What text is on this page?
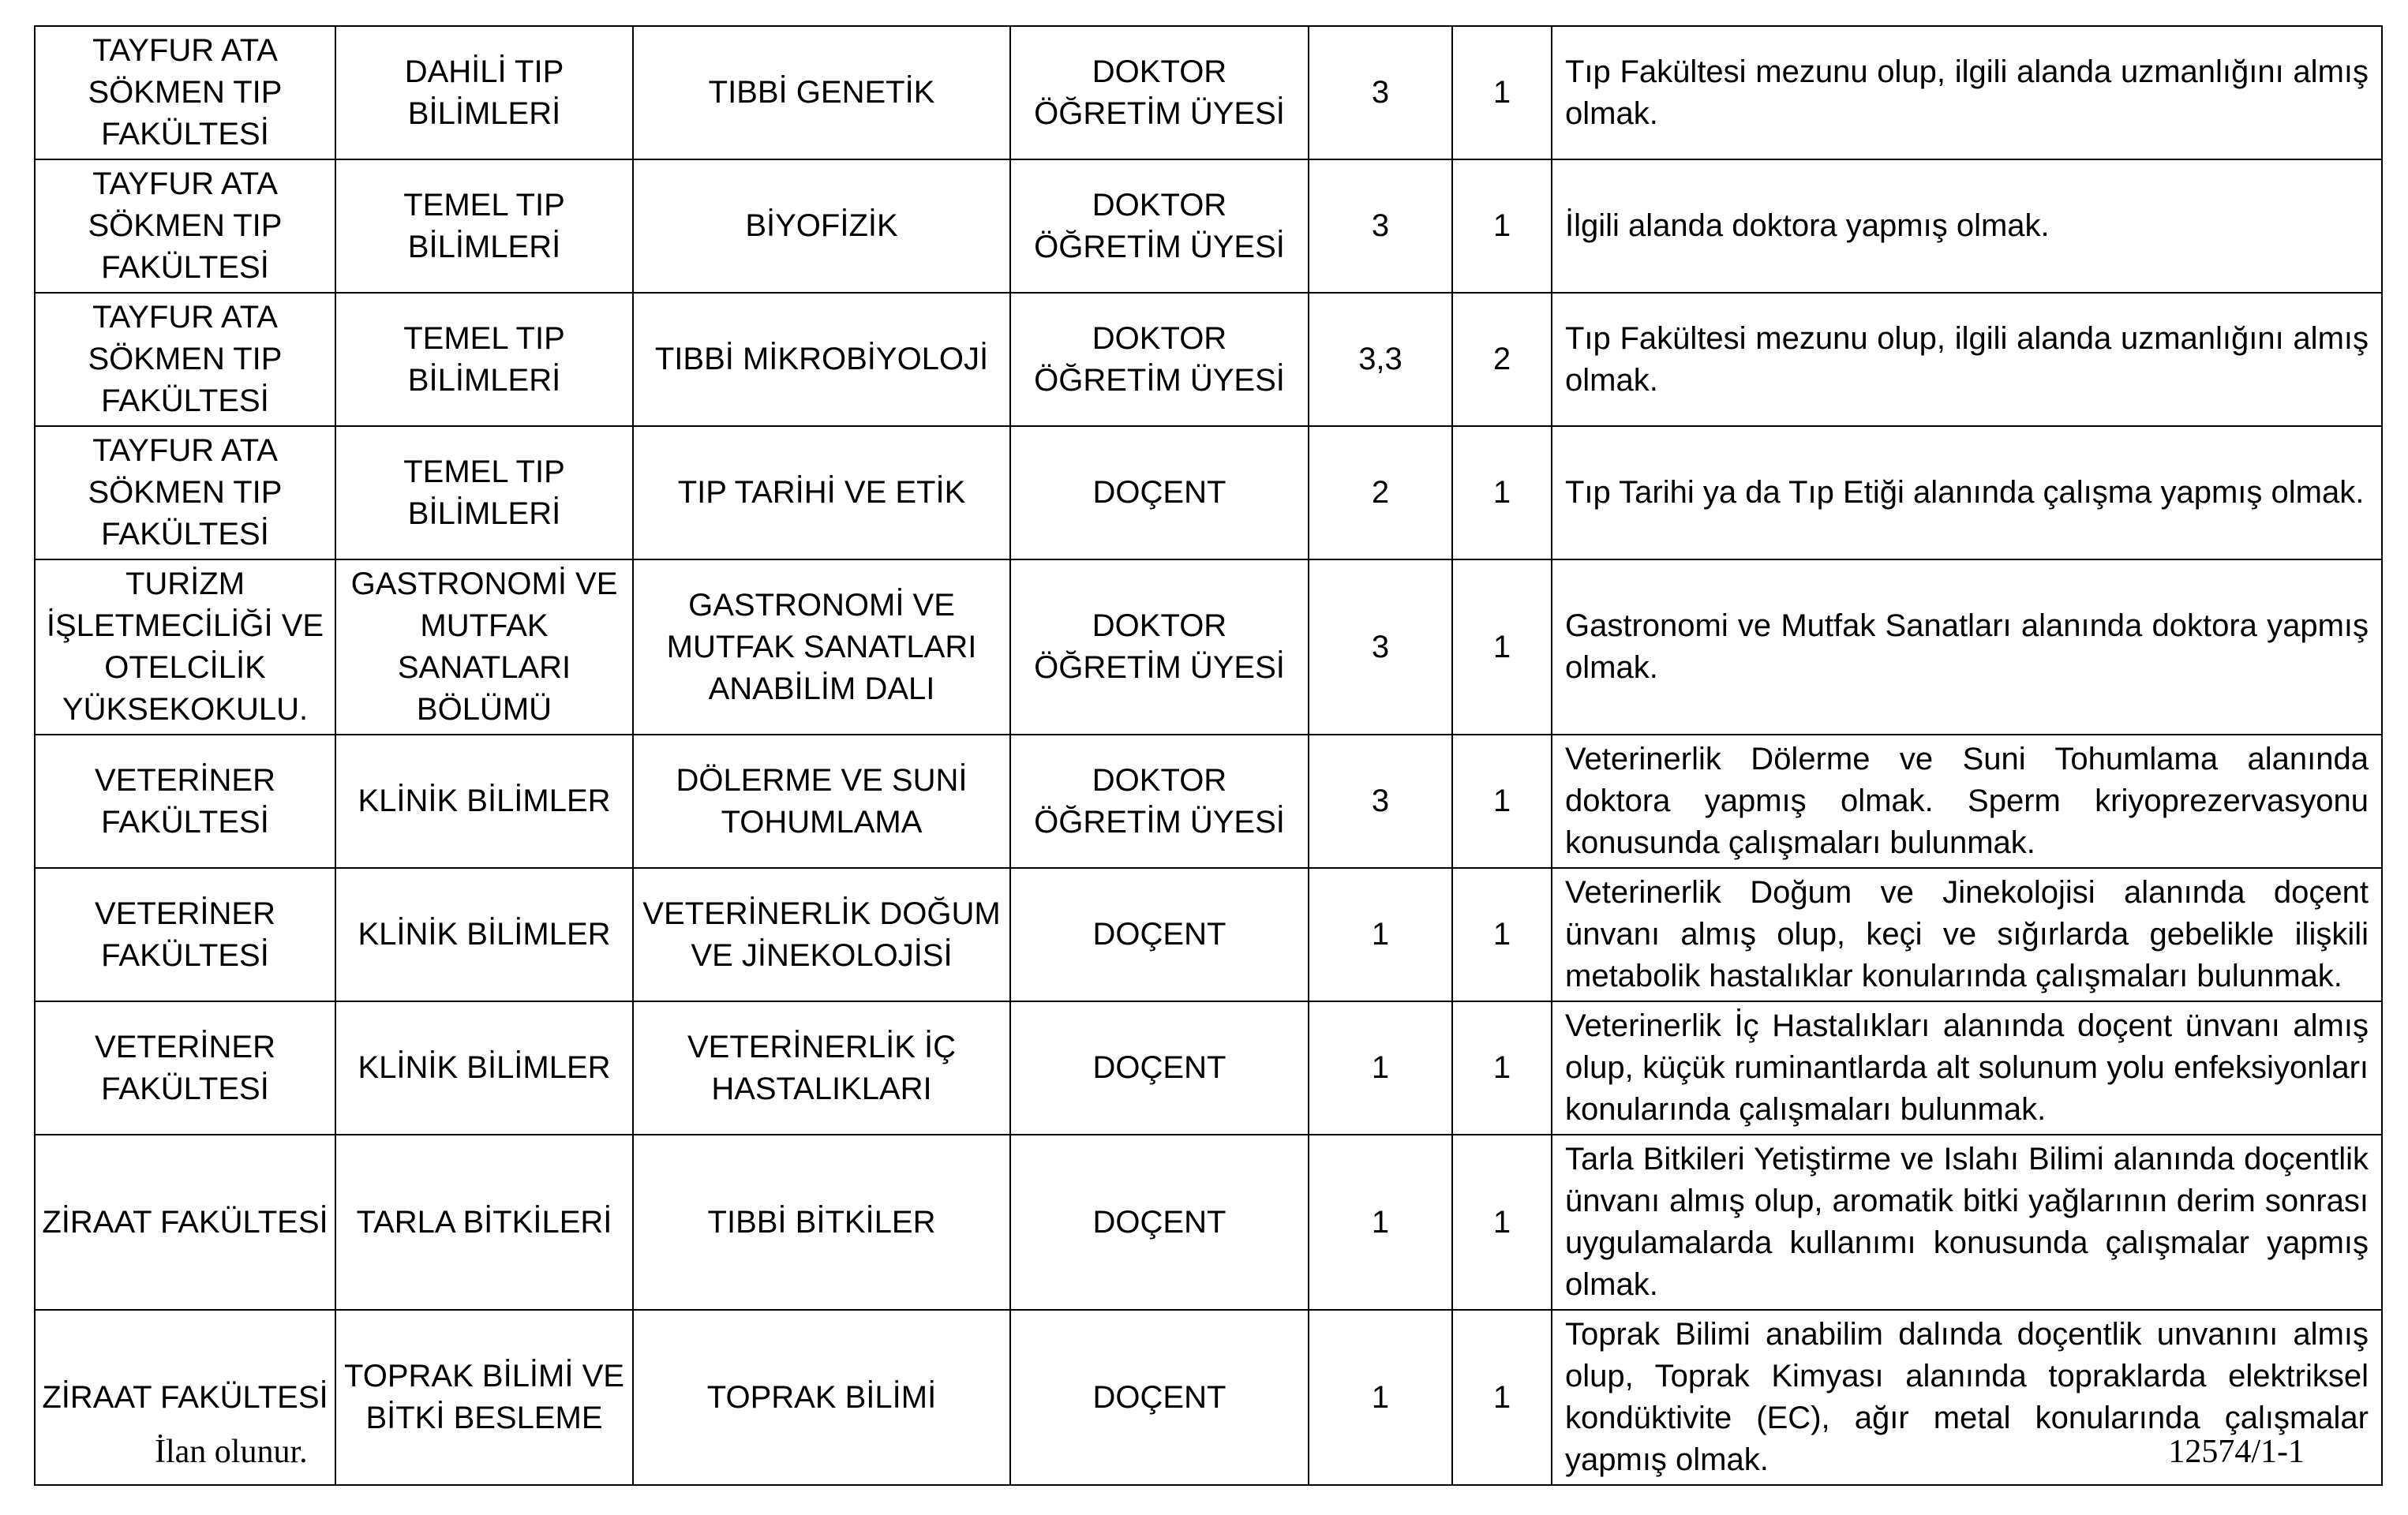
TAYFUR ATA SÖKMEN TIP FAKÜLTESİ	DAHİLİ TIP BİLİMLERİ	TIBBİ GENETİK	DOKTOR ÖĞRETİM ÜYESİ	3	1	Tıp Fakültesi mezunu olup, ilgili alanda uzmanlığını almış olmak.
TAYFUR ATA SÖKMEN TIP FAKÜLTESİ	TEMEL TIP BİLİMLERİ	BİYOFİZİK	DOKTOR ÖĞRETİM ÜYESİ	3	1	İlgili alanda doktora yapmış olmak.
TAYFUR ATA SÖKMEN TIP FAKÜLTESİ	TEMEL TIP BİLİMLERİ	TIBBİ MİKROBİYOLOJİ	DOKTOR ÖĞRETİM ÜYESİ	3,3	2	Tıp Fakültesi mezunu olup, ilgili alanda uzmanlığını almış olmak.
TAYFUR ATA SÖKMEN TIP FAKÜLTESİ	TEMEL TIP BİLİMLERİ	TIP TARİHİ VE ETİK	DOÇENT	2	1	Tıp Tarihi ya da Tıp Etiği alanında çalışma yapmış olmak.
TURİZM İŞLETMECİLİĞİ VE OTELCİLİK YÜKSEKOKULU.	GASTRONOMİ VE MUTFAK SANATLARI BÖLÜMÜ	GASTRONOMİ VE MUTFAK SANATLARI ANABİLİM DALI	DOKTOR ÖĞRETİM ÜYESİ	3	1	Gastronomi ve Mutfak Sanatları alanında doktora yapmış olmak.
VETERİNER FAKÜLTESİ	KLİNİK BİLİMLER	DÖLERME VE SUNİ TOHUMLAMA	DOKTOR ÖĞRETİM ÜYESİ	3	1	Veterinerlik Dölerme ve Suni Tohumlama alanında doktora yapmış olmak. Sperm kriyoprezervasyonu konusunda çalışmaları bulunmak.
VETERİNER FAKÜLTESİ	KLİNİK BİLİMLER	VETERİNERLİK DOĞUM VE JİNEKOLOJİSİ	DOÇENT	1	1	Veterinerlik Doğum ve Jinekolojisi alanında doçent ünvanı almış olup, keçi ve sığırlarda gebelikle ilişkili metabolik hastalıklar konularında çalışmaları bulunmak.
VETERİNER FAKÜLTESİ	KLİNİK BİLİMLER	VETERİNERLİK İÇ HASTALIKLARI	DOÇENT	1	1	Veterinerlik İç Hastalıkları alanında doçent ünvanı almış olup, küçük ruminantlarda alt solunum yolu enfeksiyonları konularında çalışmaları bulunmak.
ZİRAAT FAKÜLTESİ	TARLA BİTKİLERİ	TIBBİ BİTKİLER	DOÇENT	1	1	Tarla Bitkileri Yetiştirme ve Islahı Bilimi alanında doçentlik ünvanı almış olup, aromatik bitki yağlarının derim sonrası uygulamalarda kullanımı konusunda çalışmalar yapmış olmak.
ZİRAAT FAKÜLTESİ	TOPRAK BİLİMİ VE BİTKİ BESLEME	TOPRAK BİLİMİ	DOÇENT	1	1	Toprak Bilimi anabilim dalında doçentlik unvanını almış olup, Toprak Kimyası alanında topraklarda elektriksel kondüktivite (EC), ağır metal konularında çalışmalar yapmış olmak.
İlan olunur.	12574/1-1
